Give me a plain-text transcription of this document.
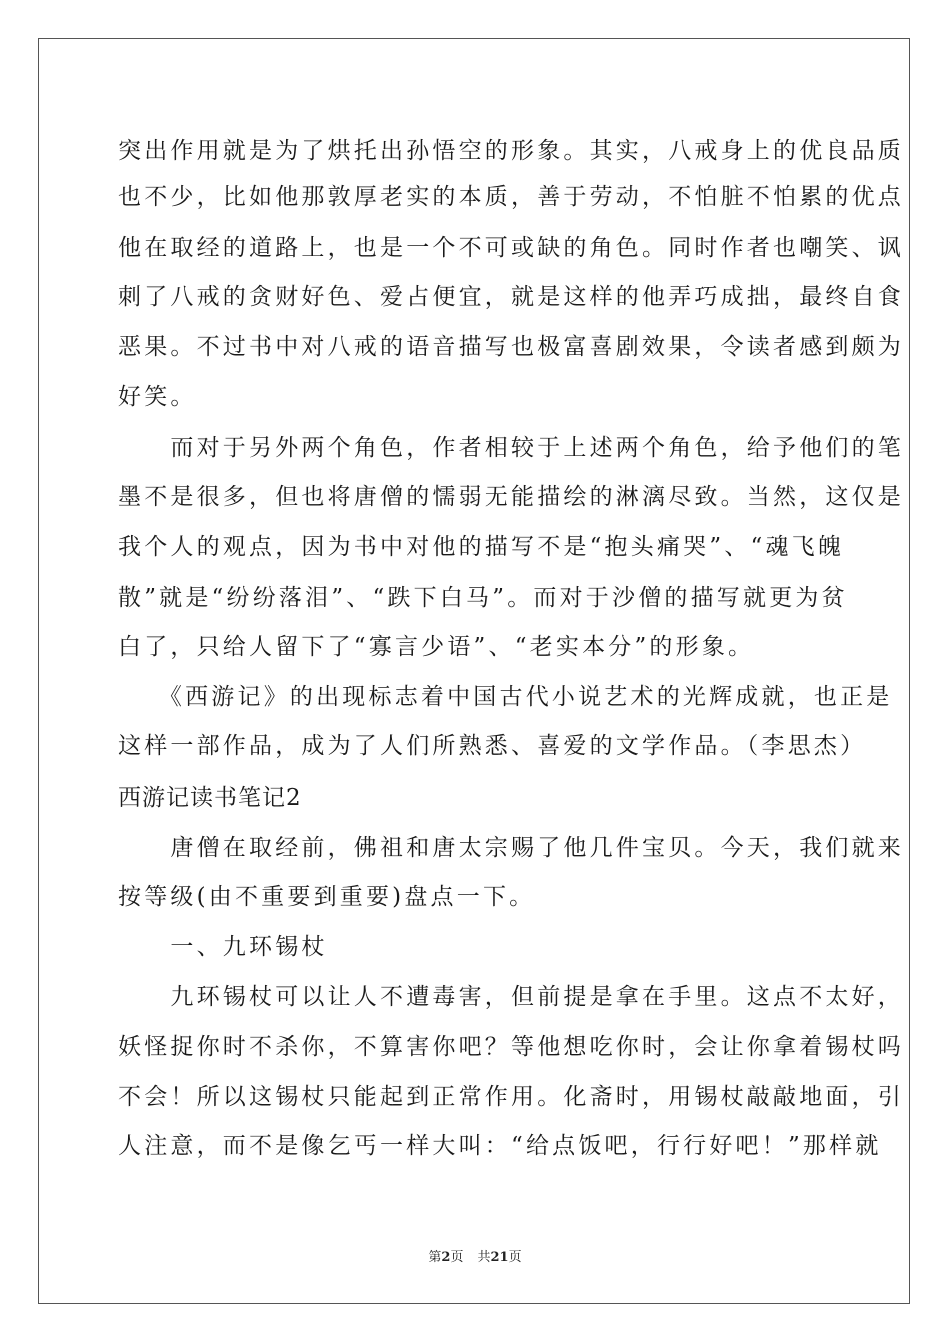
突出作用就是为了烘托出孙悟空的形象。其实，八戒身上的优良品质
也不少，比如他那敦厚老实的本质，善于劳动，不怕脏不怕累的优点
他在取经的道路上，也是一个不可或缺的角色。同时作者也嘲笑、讽
刺了八戒的贪财好色、爱占便宜，就是这样的他弄巧成拙，最终自食
恶果。不过书中对八戒的语音描写也极富喜剧效果，令读者感到颇为
好笑。
　　而对于另外两个角色，作者相较于上述两个角色，给予他们的笔
墨不是很多，但也将唐僧的懦弱无能描绘的淋漓尽致。当然，这仅是
我个人的观点，因为书中对他的描写不是“抱头痛哭”、“魂飞魄
散”就是“纷纷落泪”、“跌下白马”。而对于沙僧的描写就更为贫
白了，只给人留下了“寡言少语”、“老实本分”的形象。
　　《西游记》的出现标志着中国古代小说艺术的光辉成就，也正是
这样一部作品，成为了人们所熟悉、喜爱的文学作品。（李思杰）
西游记读书笔记2
　　唐僧在取经前，佛祖和唐太宗赐了他几件宝贝。今天，我们就来
按等级(由不重要到重要)盘点一下。
　　一、九环锡杖
　　九环锡杖可以让人不遭毒害，但前提是拿在手里。这点不太好，
妖怪捉你时不杀你，不算害你吧？等他想吃你时，会让你拿着锡杖吗
不会！所以这锡杖只能起到正常作用。化斋时，用锡杖敲敲地面，引
人注意，而不是像乞丐一样大叫：“给点饭吧，行行好吧！”那样就
第2页 共21页
